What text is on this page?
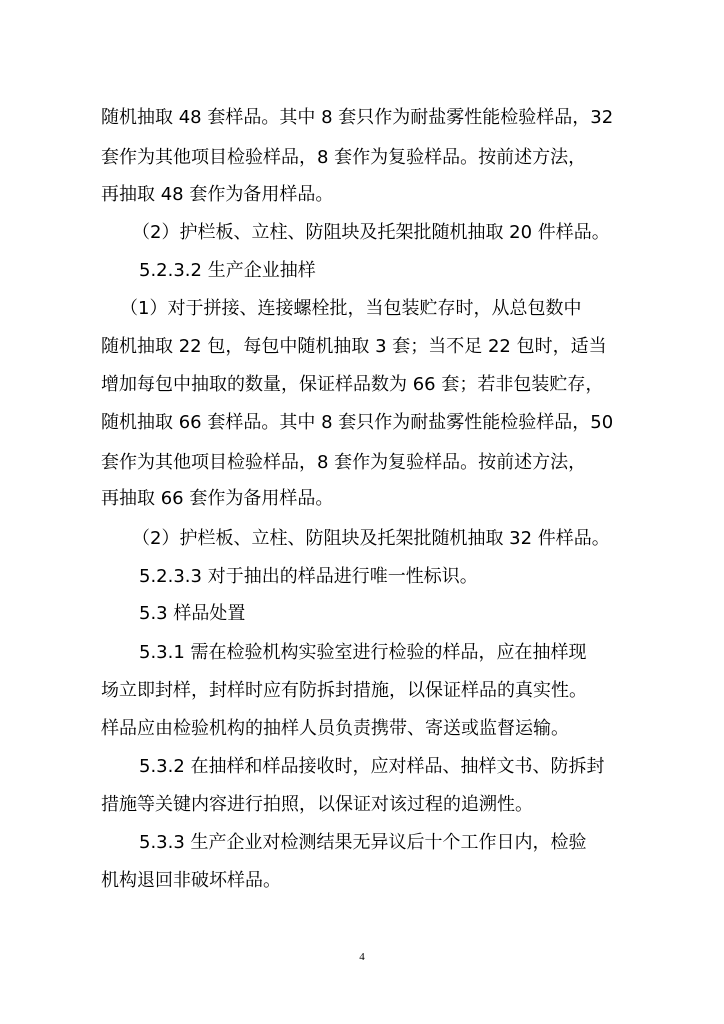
随机抽取 48 套样品。其中 8 套只作为耐盐雾性能检验样品，32
套作为其他项目检验样品，8 套作为复验样品。按前述方法，
再抽取 48 套作为备用样品。
（2）护栏板、立柱、防阻块及托架批随机抽取 20 件样品。
5.2.3.2 生产企业抽样
（1）对于拼接、连接螺栓批，当包装贮存时，从总包数中
随机抽取 22 包，每包中随机抽取 3 套；当不足 22 包时，适当
增加每包中抽取的数量，保证样品数为 66 套；若非包装贮存，
随机抽取 66 套样品。其中 8 套只作为耐盐雾性能检验样品，50
套作为其他项目检验样品，8 套作为复验样品。按前述方法，
再抽取 66 套作为备用样品。
（2）护栏板、立柱、防阻块及托架批随机抽取 32 件样品。
5.2.3.3 对于抽出的样品进行唯一性标识。
5.3 样品处置
5.3.1 需在检验机构实验室进行检验的样品，应在抽样现
场立即封样，封样时应有防拆封措施，以保证样品的真实性。
样品应由检验机构的抽样人员负责携带、寄送或监督运输。
5.3.2 在抽样和样品接收时，应对样品、抽样文书、防拆封
措施等关键内容进行拍照，以保证对该过程的追溯性。
5.3.3 生产企业对检测结果无异议后十个工作日内，检验
机构退回非破坏样品。
4
